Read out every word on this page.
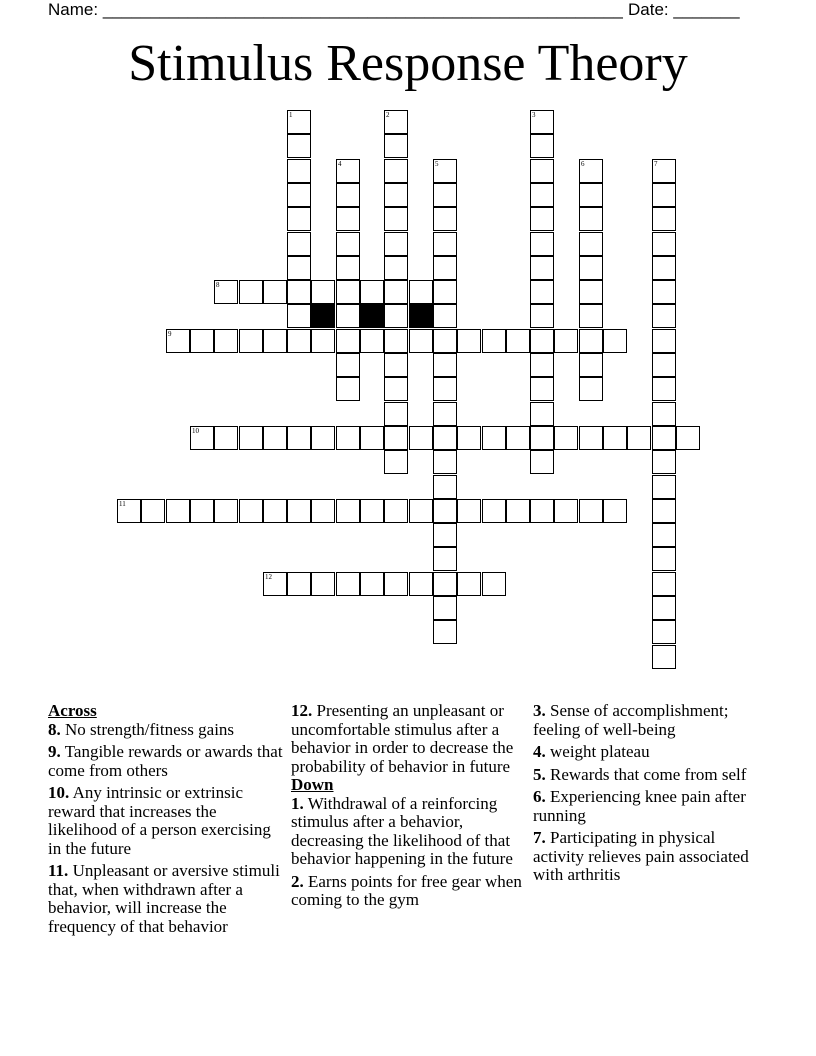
Name: _______________________________________________________ Date: _______
Stimulus Response Theory
1	2	3
4	5	6	7
8
9
10
11
12
Across
8. No strength/fitness gains
9. Tangible rewards or awards that come from others
10. Any intrinsic or extrinsic reward that increases the likelihood of a person exercising in the future
11. Unpleasant or aversive stimuli that, when withdrawn after a behavior, will increase the frequency of that behavior
12. Presenting an unpleasant or uncomfortable stimulus after a behavior in order to decrease the probability of behavior in future
Down
1. Withdrawal of a reinforcing stimulus after a behavior, decreasing the likelihood of that behavior happening in the future
2. Earns points for free gear when coming to the gym
3. Sense of accomplishment; feeling of well-being
4. weight plateau
5. Rewards that come from self
6. Experiencing knee pain after running
7. Participating in physical activity relieves pain associated with arthritis
